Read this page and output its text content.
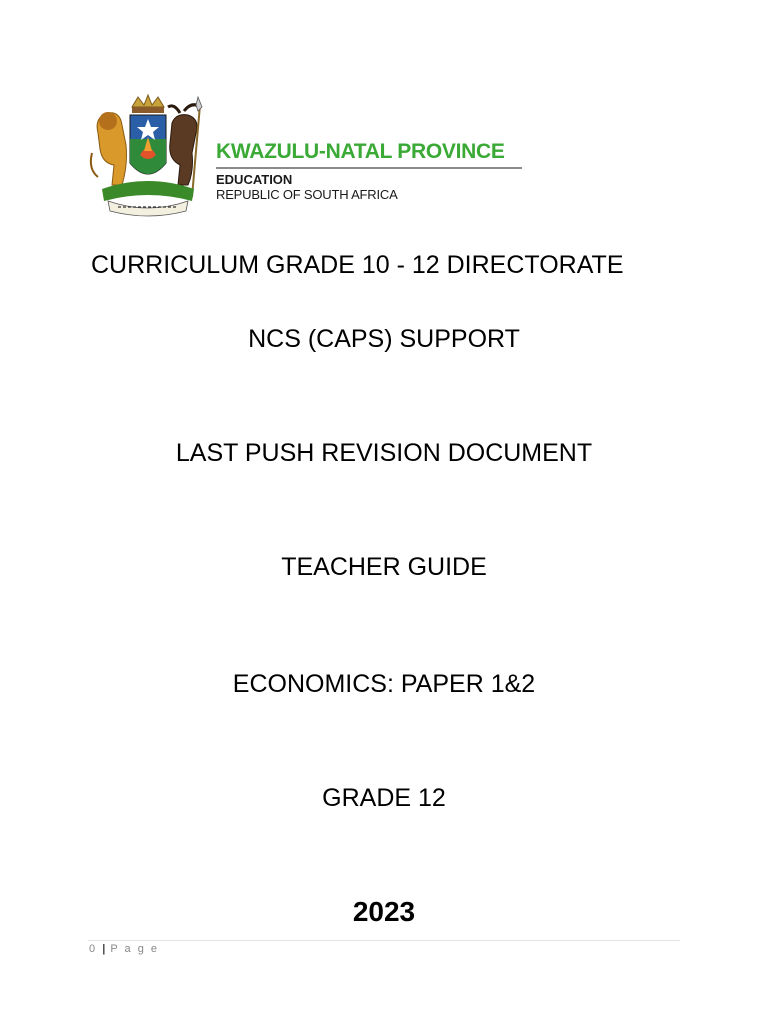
KWAZULU-NATAL PROVINCE
EDUCATION
REPUBLIC OF SOUTH AFRICA
CURRICULUM GRADE 10 - 12 DIRECTORATE
NCS (CAPS) SUPPORT
LAST PUSH REVISION DOCUMENT
TEACHER GUIDE
ECONOMICS: PAPER 1&2
GRADE 12
2023
0 | P a g e
